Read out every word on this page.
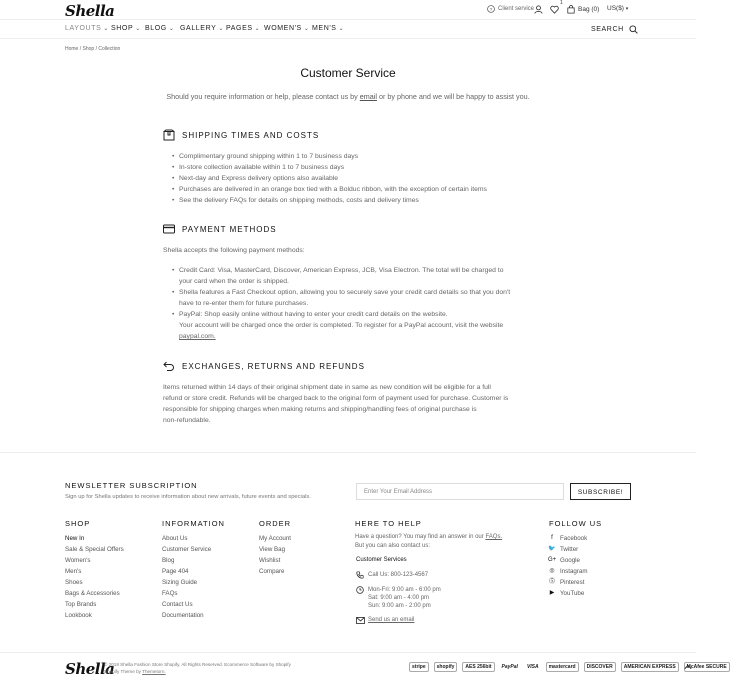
Shella	? Client service
1
Bag (0) US($) ▾
LAYOUTS ⌄ SHOP ⌄ BLOG ⌄ GALLERY ⌄ PAGES ⌄ WOMEN'S ⌄ MEN'S ⌄	SEARCH
Home / Shop / Collection
Customer Service
Should you require information or help, please contact us by email or by phone and we will be happy to assist you.
SHIPPING TIMES AND COSTS
• Complimentary ground shipping within 1 to 7 business days
• In-store collection available within 1 to 7 business days
• Next-day and Express delivery options also available
• Purchases are delivered in an orange box tied with a Bolduc ribbon, with the exception of certain items
• See the delivery FAQs for details on shipping methods, costs and delivery times
PAYMENT METHODS
Shella accepts the following payment methods:
• Credit Card: Visa, MasterCard, Discover, American Express, JCB, Visa Electron. The total will be charged to
your card when the order is shipped.
• Shella features a Fast Checkout option, allowing you to securely save your credit card details so that you don't
have to re-enter them for future purchases.
• PayPal: Shop easily online without having to enter your credit card details on the website.
Your account will be charged once the order is completed. To register for a PayPal account, visit the website
paypal.com.
EXCHANGES, RETURNS AND REFUNDS
Items returned within 14 days of their original shipment date in same as new condition will be eligible for a full
refund or store credit. Refunds will be charged back to the original form of payment used for purchase. Customer is
responsible for shipping charges when making returns and shipping/handling fees of original purchase is
non-refundable.
NEWSLETTER SUBSCRIPTION
Sign up for Shella updates to receive information about new arrivals, future events and specials.
Enter Your Email Address	SUBSCRIBE!
SHOP
New In
Sale & Special Offers
Women's
Men's
Shoes
Bags & Accessories
Top Brands
Lookbook
INFORMATION
About Us
Customer Service
Blog
Page 404
Sizing Guide
FAQs
Contact Us
Documentation
ORDER
My Account
View Bag
Wishlist
Compare
HERE TO HELP
Have a question? You may find an answer in our FAQs.
But you can also contact us:
Customer Services
Call Us: 800-123-4567
Mon-Fri: 9:00 am - 6:00 pm
Sat: 9:00 am - 4:00 pm
Sun: 9:00 am - 2:00 pm
Send us an email
FOLLOW US
f	Facebook
🐦 Twitter
G+ Google
◎ Instagram
⓹ Pinterest
▶ YouTube
Shella
© 2018 Shella Fashion Store Shopify. All Rights Reserved. Ecommerce Software by Shopify
Shopify Theme by Themetorn.
stripe	shopify	AES 256bit	PayPal	VISA	mastercard	DISCOVER	AMERICAN EXPRESS	McAfee SECURE
